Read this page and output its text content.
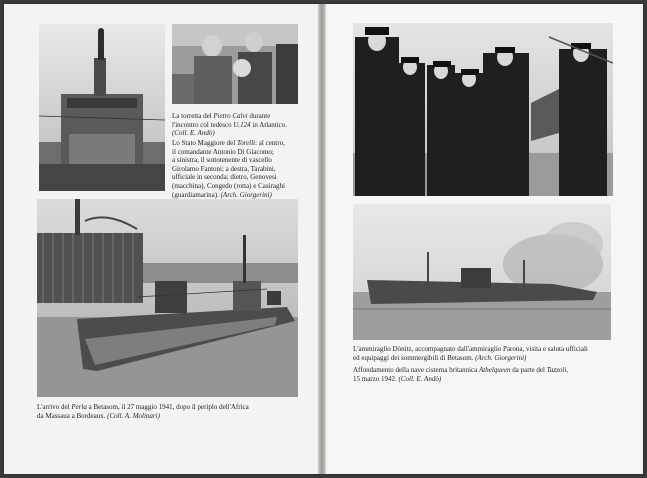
La torretta del Pietro Calvi durante
l'incontro col tedesco U.124 in Atlantico.
(Coll. E. Andò)

Lo Stato Maggiore del Torelli: al centro,
il comandante Antonio Di Giacomo;
a sinistra, il sottotenente di vascello
Girolamo Fantoni; a destra, Tarabini,
ufficiale in seconda; dietro, Genovesi
(macchina), Congedo (rotta) e Casiraghi
(guardiamarina). (Arch. Giorgerini)

L'arrivo del Perla a Betasom, il 27 maggio 1941, dopo il periplo dell'Africa
da Massaua a Bordeaux. (Coll. A. Molinari)

L'ammiraglio Dönitz, accompagnato dall'ammiraglio Parona, visita e saluta ufficiali
ed equipaggi dei sommergibili di Betasom. (Arch. Giorgerini)

Affondamento della nave cisterna britannica Athelqueen da parte del Tazzoli,
15 marzo 1942. (Coll. E. Andò)
